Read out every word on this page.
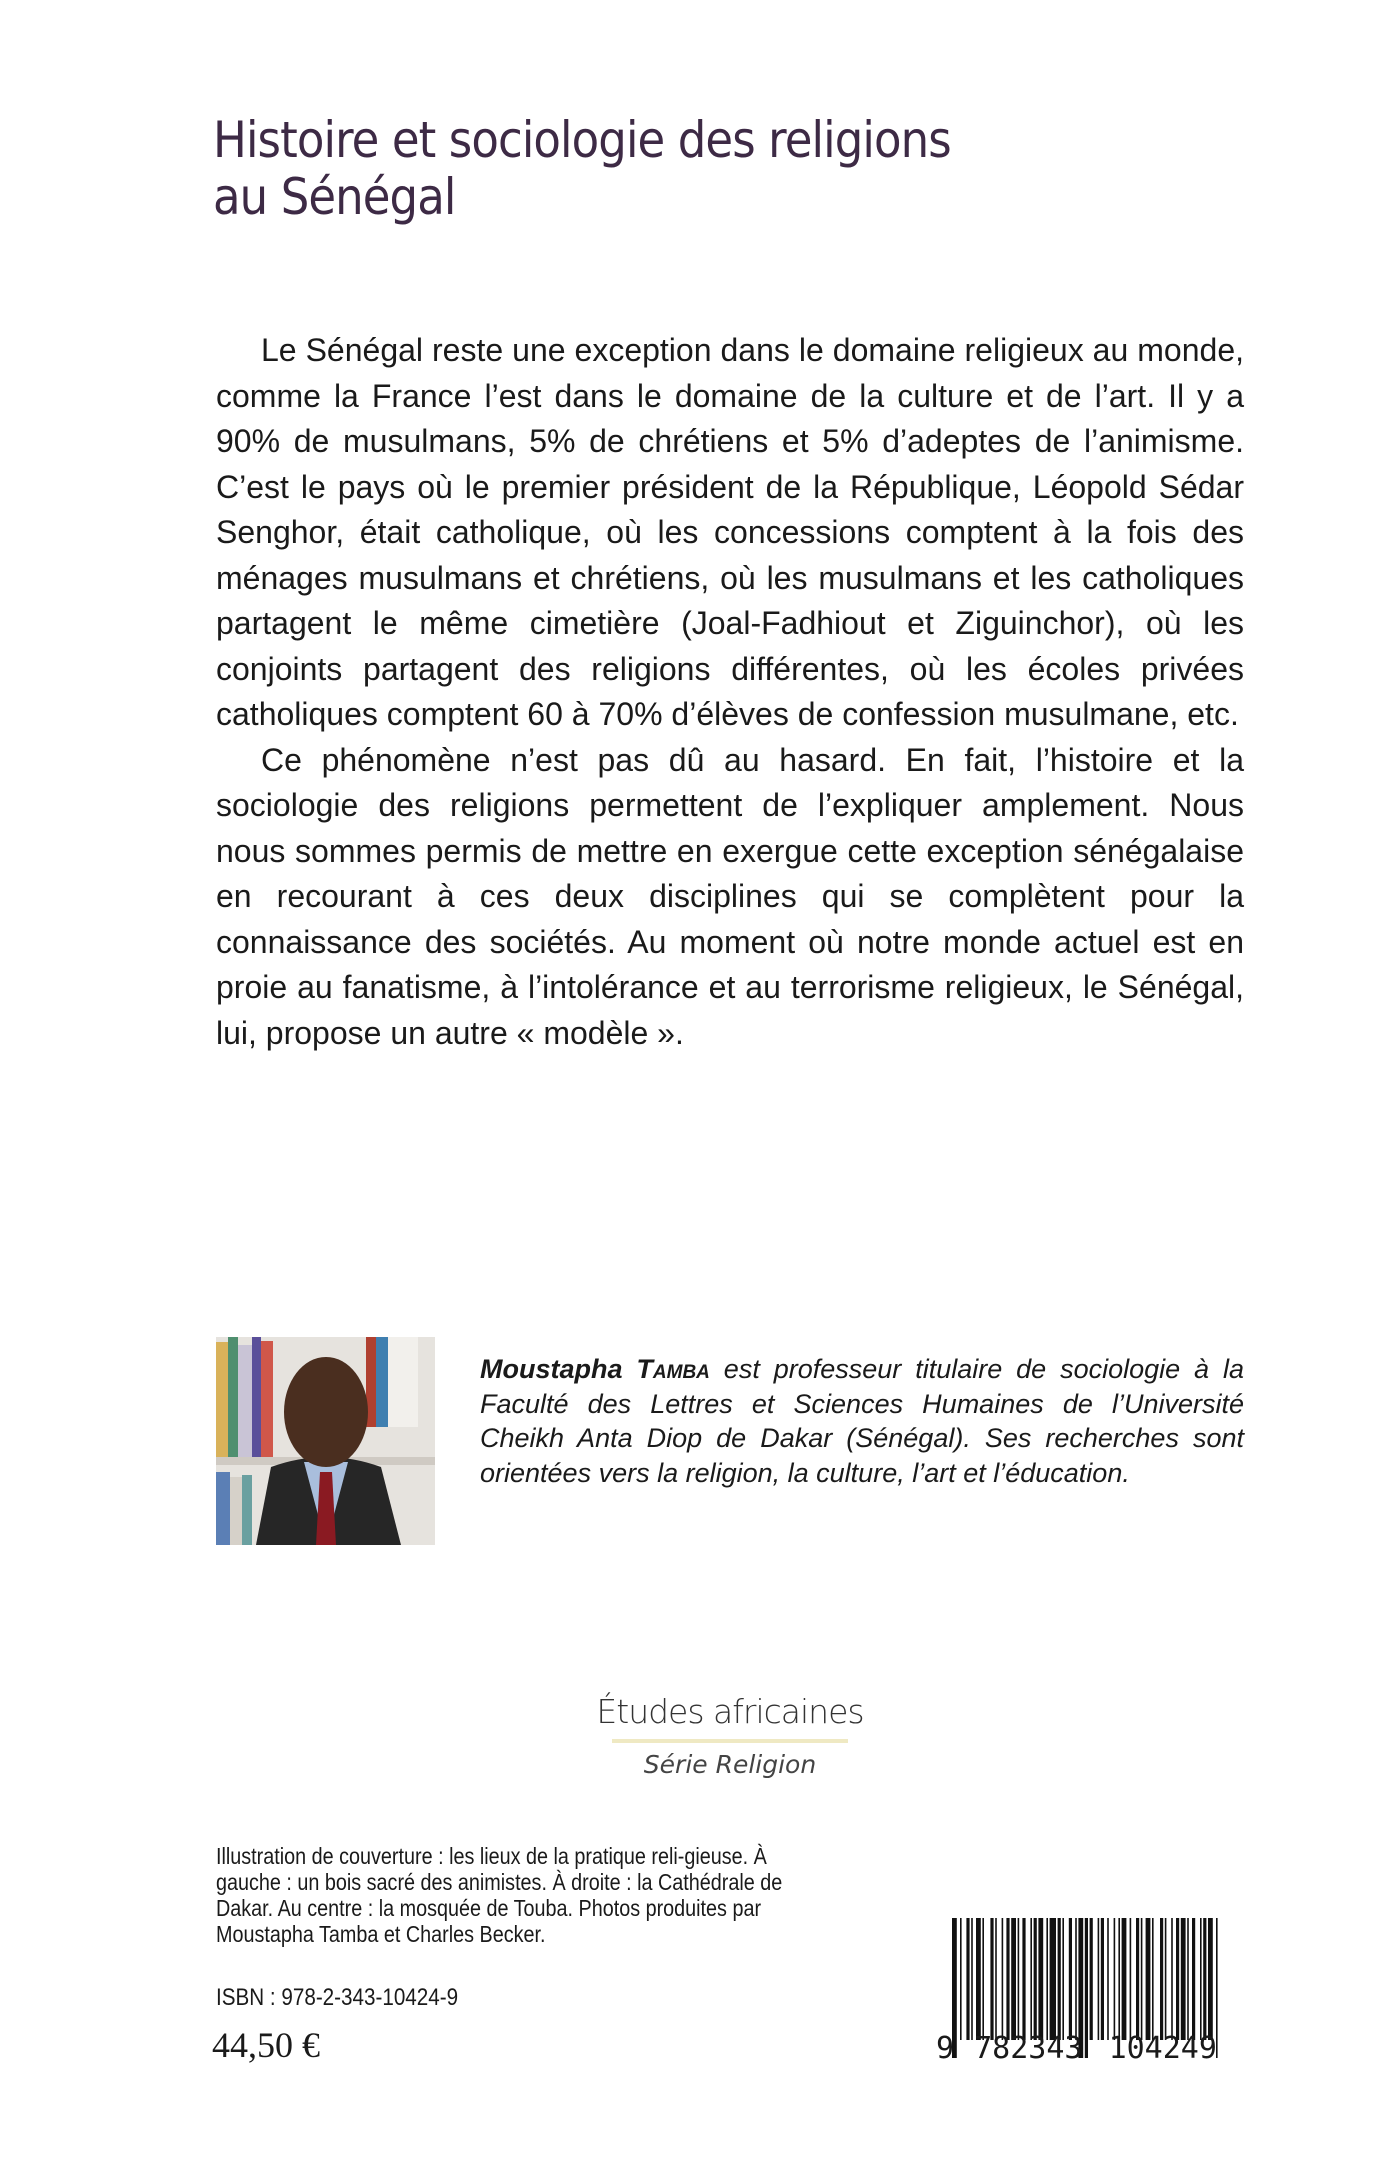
Histoire et sociologie des religions
au Sénégal

Le Sénégal reste une exception dans le domaine religieux au monde, comme la France l’est dans le domaine de la culture et de l’art. Il y a 90% de musulmans, 5% de chrétiens et 5% d’adeptes de l’animisme. C’est le pays où le premier président de la République, Léopold Sédar Senghor, était catholique, où les concessions comptent à la fois des ménages musulmans et chrétiens, où les musulmans et les catholiques partagent le même cimetière (Joal-Fadhiout et Ziguinchor), où les conjoints partagent des religions différentes, où les écoles privées catholiques comptent 60 à 70% d’élèves de confession musulmane, etc.

Ce phénomène n’est pas dû au hasard. En fait, l’histoire et la sociologie des religions permettent de l’expliquer amplement. Nous nous sommes permis de mettre en exergue cette exception sénégalaise en recourant à ces deux disciplines qui se complètent pour la connaissance des sociétés. Au moment où notre monde actuel est en proie au fanatisme, à l’intolérance et au terrorisme religieux, le Sénégal, lui, propose un autre « modèle ».

Moustapha Tamba est professeur titulaire de sociologie à la Faculté des Lettres et Sciences Humaines de l’Université Cheikh Anta Diop de Dakar (Sénégal). Ses recherches sont orientées vers la religion, la culture, l’art et l’éducation.
Études africaines
Série Religion
Illustration de couverture : les lieux de la pratique reli-gieuse. À gauche : un bois sacré des animistes. À droite : la Cathédrale de Dakar. Au centre : la mosquée de Touba. Photos produites par Moustapha Tamba et Charles Becker.
ISBN : 978-2-343-10424-9
44,50 €	9 782343 104249
